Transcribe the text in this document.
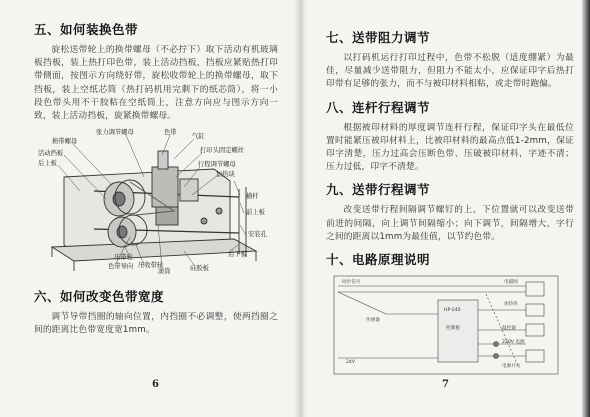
五、如何装换色带

旋松送带轮上的换带螺母（不必拧下）取下活动有机玻璃板挡板，装上热打印色带，装上活动挡板，挡板应紧贴热打印带侧面，按图示方向绕好带，旋松收带轮上的换带螺母，取下挡板，装上空纸芯筒（热打码机用完剩下的纸芯筒），将一小段色带头用不干胶粘在空纸筒上，注意方向应与图示方向一致，装上活动挡板，旋紧换带螺母。

换带螺母
活动挡板
后上板
张力调节螺母	色带
气缸
打印头固定螺丝
行程调节螺母
加热块
横杆
前上板
安装孔
后下板
压带轮
压收带轮
色带导向
滚筒	硅胶板
六、如何改变色带宽度

调节导带挡圈的轴向位置，内挡圈不必调整，使两挡圈之间的距离比色带宽度宽1mm。

6
七、送带阻力调节

以打码机运行打印过程中，色带不松脱（适度绷紧）为最佳，尽量减少送带阻力，但阻力不能太小，应保证印字后热打印带有足够的张力，而不与被印材料相粘，或走带时跑偏。

八、连杆行程调节

根据被印材料的厚度调节连杆行程，保证印字头在最低位置时能紧压被印材料上，比被印材料的最高点低1-2mm，保证印字清楚，压力过高会压断色带、压破被印材料，字迹不清；压力过低，印字不清楚。

九、送带行程调节

改变送带行程间隔调节螺钉的上，下位置就可以改变送带前进的间隔，向上调节间隔缩小；向下调节，间隔增大，字行之间的距离以1mm为最佳值，以节约色带。

十、电路原理说明
同步信号	电磁阀
加热块
HP-240
控制板	温控器
24V
220V 电源
电源开关
传感器
7
